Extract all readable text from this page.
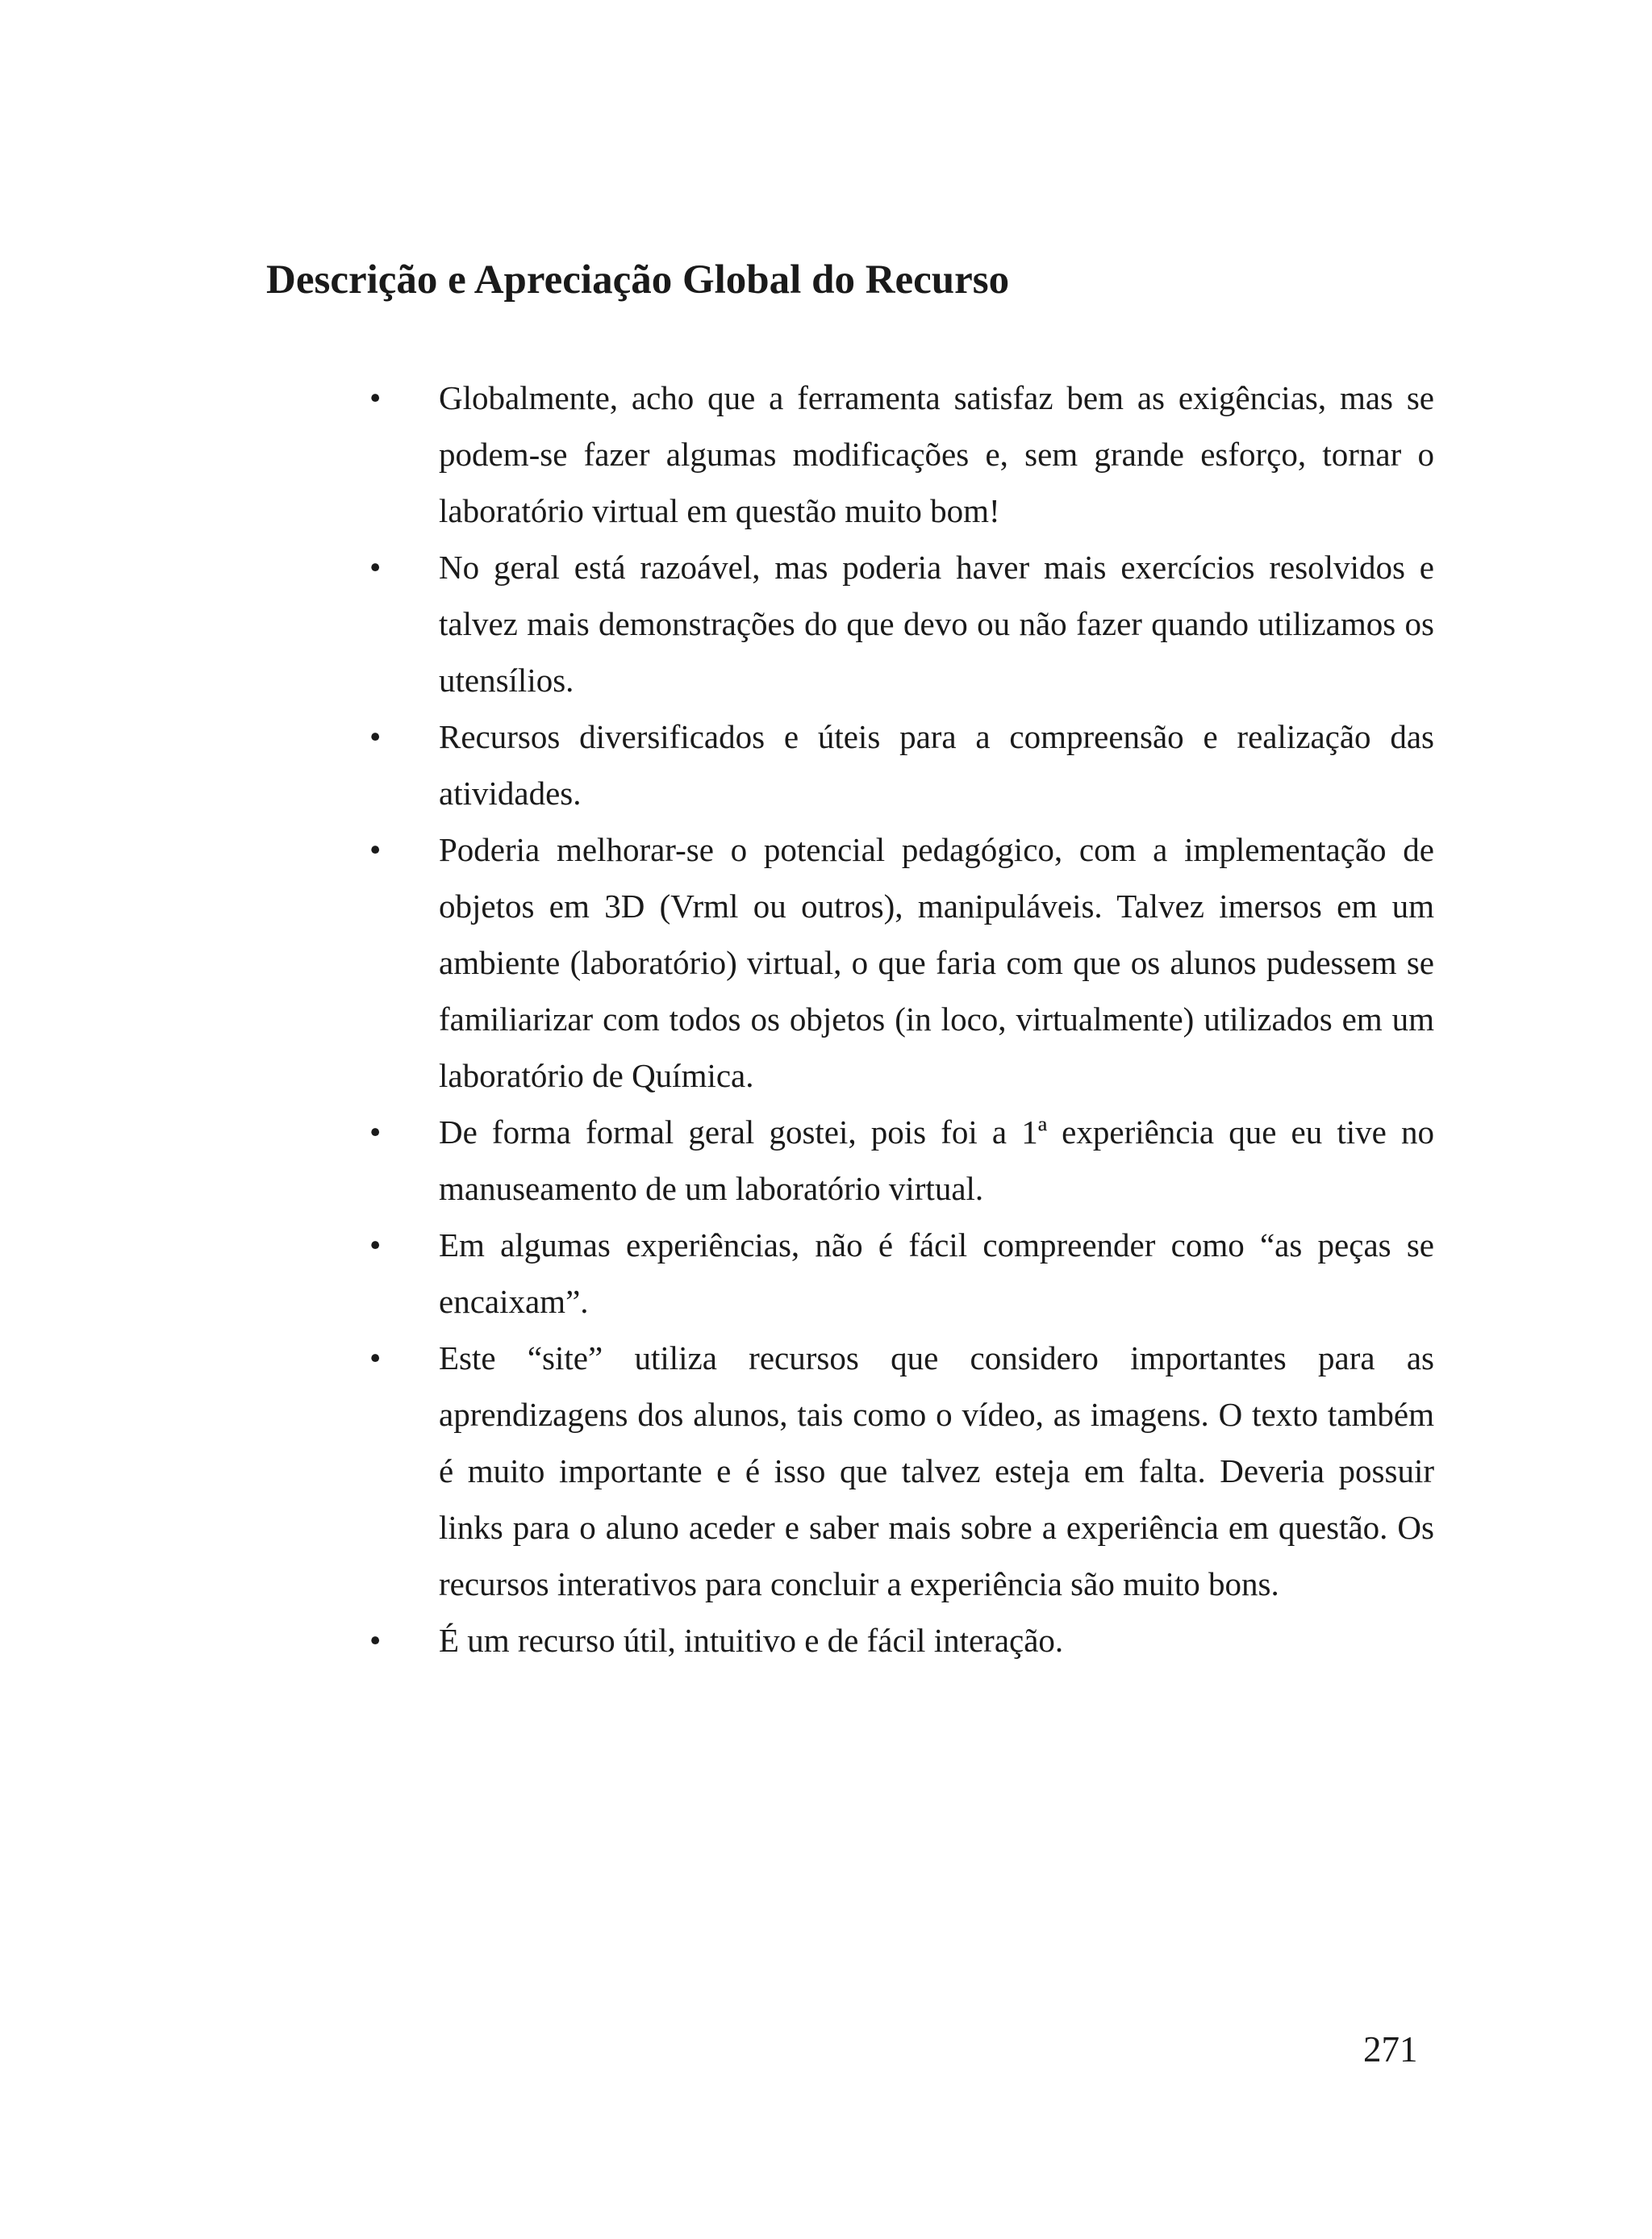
Descrição e Apreciação Global do Recurso
• Globalmente, acho que a ferramenta satisfaz bem as exigências, mas se podem-se fazer algumas modificações e, sem grande esforço, tornar o laboratório virtual em questão muito bom!
• No geral está razoável, mas poderia haver mais exercícios resolvidos e talvez mais demonstrações do que devo ou não fazer quando utilizamos os utensílios.
• Recursos diversificados e úteis para a compreensão e realização das atividades.
• Poderia melhorar-se o potencial pedagógico, com a implementação de objetos em 3D (Vrml ou outros), manipuláveis. Talvez imersos em um ambiente (laboratório) virtual, o que faria com que os alunos pudessem se familiarizar com todos os objetos (in loco, virtualmente) utilizados em um laboratório de Química.
• De forma formal geral gostei, pois foi a 1ª experiência que eu tive no manuseamento de um laboratório virtual.
• Em algumas experiências, não é fácil compreender como “as peças se encaixam”.
• Este “site” utiliza recursos que considero importantes para as aprendizagens dos alunos, tais como o vídeo, as imagens. O texto também é muito importante e é isso que talvez esteja em falta. Deveria possuir links para o aluno aceder e saber mais sobre a experiência em questão. Os recursos interativos para concluir a experiência são muito bons.
• É um recurso útil, intuitivo e de fácil interação.
271
